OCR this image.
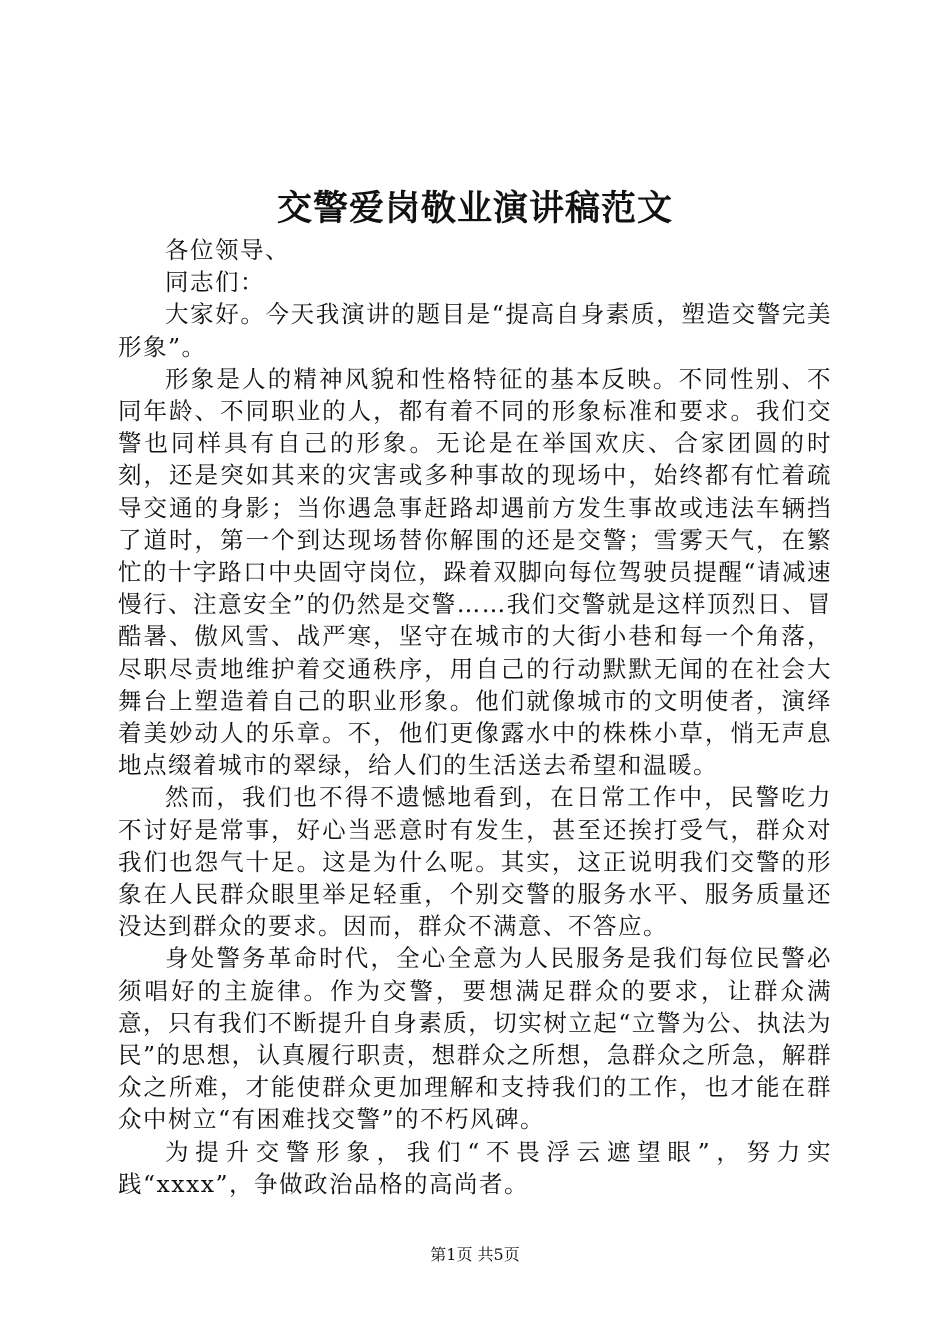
交警爱岗敬业演讲稿范文

各位领导、

同志们：

大家好。今天我演讲的题目是“提高自身素质，塑造交警完美形象”。

形象是人的精神风貌和性格特征的基本反映。不同性别、不同年龄、不同职业的人，都有着不同的形象标准和要求。我们交警也同样具有自己的形象。无论是在举国欢庆、合家团圆的时刻，还是突如其来的灾害或多种事故的现场中，始终都有忙着疏导交通的身影；当你遇急事赶路却遇前方发生事故或违法车辆挡了道时，第一个到达现场替你解围的还是交警；雪雾天气，在繁忙的十字路口中央固守岗位，跺着双脚向每位驾驶员提醒“请减速慢行、注意安全”的仍然是交警……我们交警就是这样顶烈日、冒酷暑、傲风雪、战严寒，坚守在城市的大街小巷和每一个角落，尽职尽责地维护着交通秩序，用自己的行动默默无闻的在社会大舞台上塑造着自己的职业形象。他们就像城市的文明使者，演绎着美妙动人的乐章。不，他们更像露水中的株株小草，悄无声息地点缀着城市的翠绿，给人们的生活送去希望和温暖。

然而，我们也不得不遗憾地看到，在日常工作中，民警吃力不讨好是常事，好心当恶意时有发生，甚至还挨打受气，群众对我们也怨气十足。这是为什么呢。其实，这正说明我们交警的形象在人民群众眼里举足轻重，个别交警的服务水平、服务质量还没达到群众的要求。因而，群众不满意、不答应。

身处警务革命时代，全心全意为人民服务是我们每位民警必须唱好的主旋律。作为交警，要想满足群众的要求，让群众满意，只有我们不断提升自身素质，切实树立起“立警为公、执法为民”的思想，认真履行职责，想群众之所想，急群众之所急，解群众之所难，才能使群众更加理解和支持我们的工作，也才能在群众中树立“有困难找交警”的不朽风碑。

为提升交警形象，我们“不畏浮云遮望眼”，努力实践“xxxx”，争做政治品格的高尚者。

第1页 共5页
